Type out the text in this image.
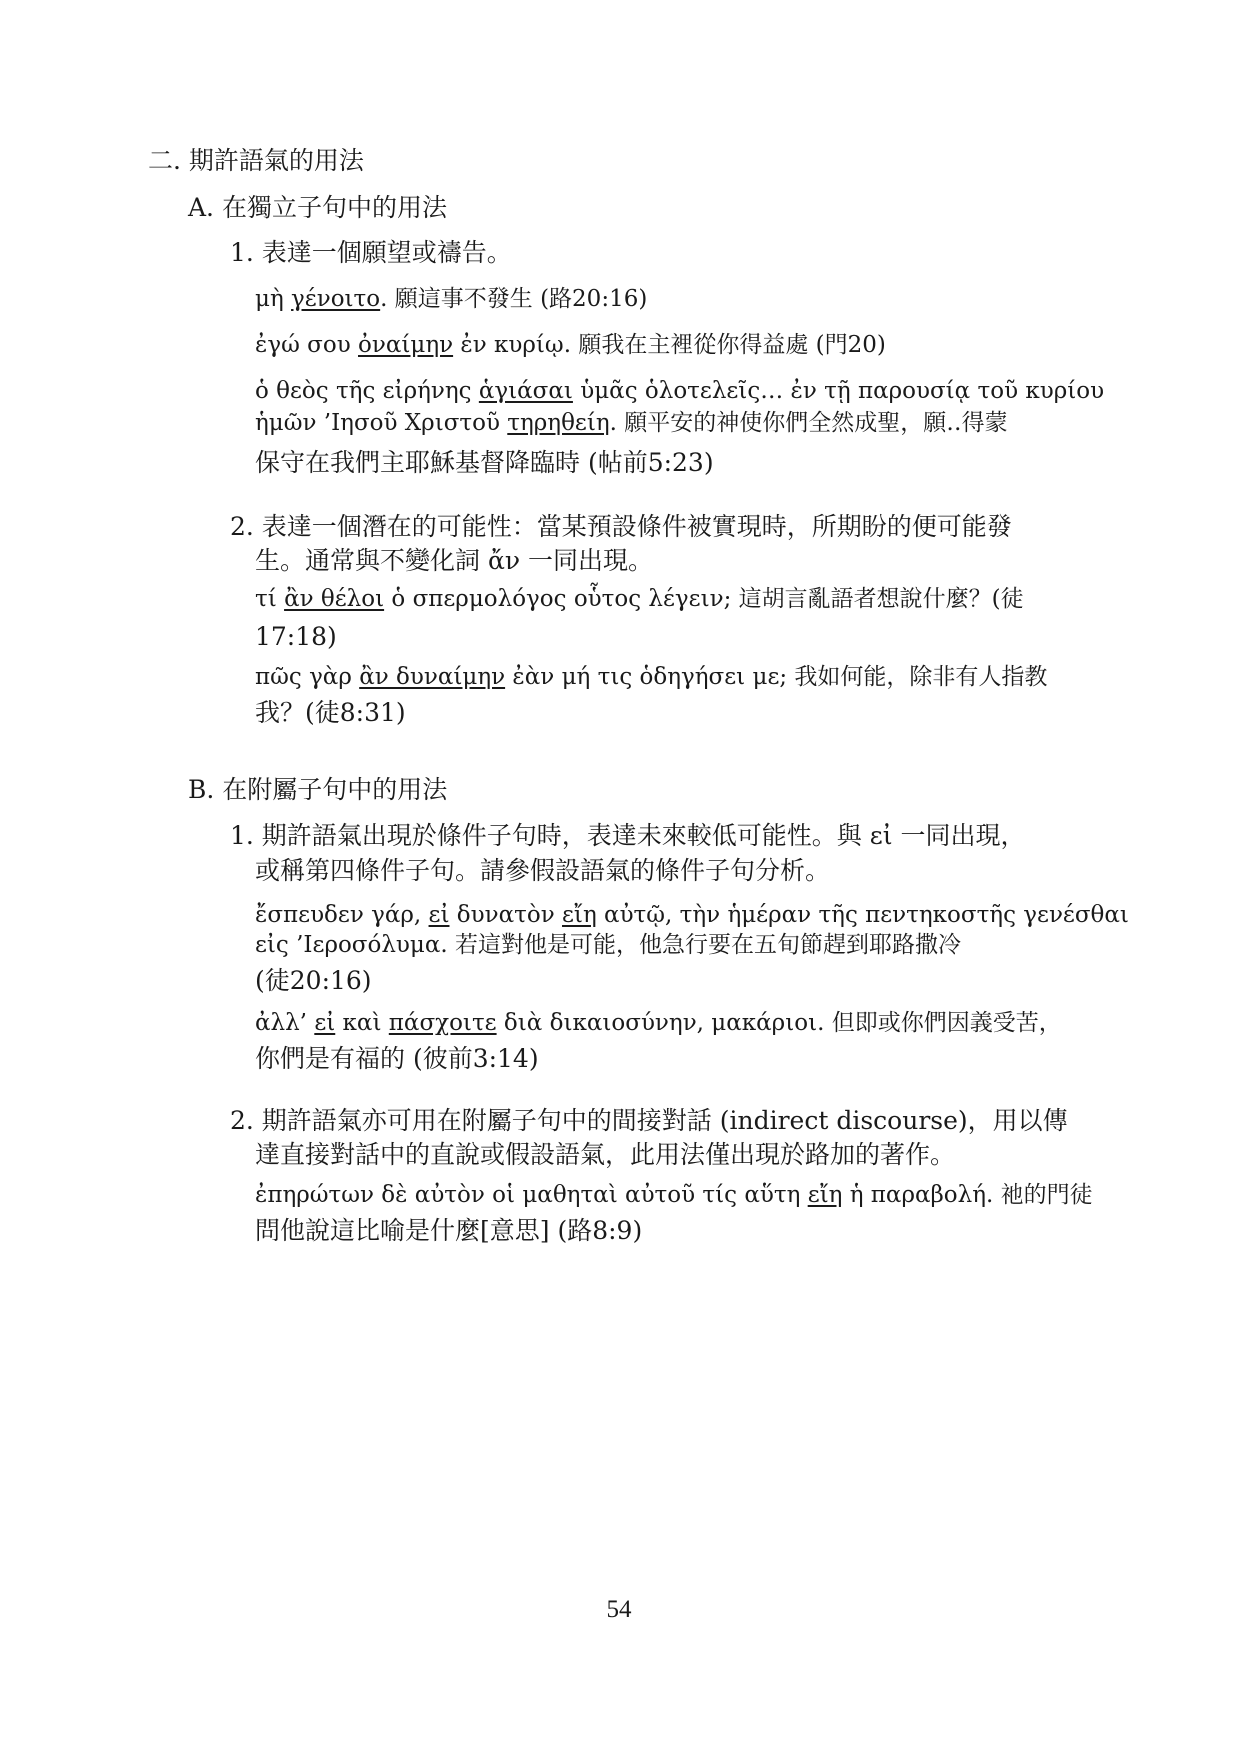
二. 期許語氣的用法
A. 在獨立子句中的用法
1. 表達一個願望或禱告。
μὴ γένοιτο. 願這事不發生 (路20:16)
ἐγώ σου ὀναίμην ἐν κυρίῳ. 願我在主裡從你得益處 (門20)
ὁ θεὸς τῆς εἰρήνης ἁγιάσαι ὑμᾶς ὁλοτελεῖς… ἐν τῇ παρουσίᾳ τοῦ κυρίου
ἡμῶν ’Iησοῦ Xριστοῦ τηρηθείη. 願平安的神使你們全然成聖，願‥得蒙
保守在我們主耶穌基督降臨時 (帖前5:23)
2. 表達一個潛在的可能性：當某預設條件被實現時，所期盼的便可能發
生。通常與不變化詞 ἄν 一同出現。
τί ἂν θέλοι ὁ σπερμολόγος οὗτος λέγειν; 這胡言亂語者想說什麼？(徒
17:18)
πῶς γὰρ ἂν δυναίμην ἐὰν μή τις ὁδηγήσει με; 我如何能，除非有人指教
我？(徒8:31)
B. 在附屬子句中的用法
1. 期許語氣出現於條件子句時，表達未來較低可能性。與 εἰ 一同出現，
或稱第四條件子句。請參假設語氣的條件子句分析。
ἔσπευδεν γάρ, εἰ δυνατὸν εἴη αὐτῷ, τὴν ἡμέραν τῆς πεντηκοστῆς γενέσθαι
εἰς ’Iεροσόλυμα. 若這對他是可能，他急行要在五旬節趕到耶路撒冷
(徒20:16)
ἀλλ’ εἰ καὶ πάσχοιτε διὰ δικαιοσύνην, μακάριοι. 但即或你們因義受苦，
你們是有福的 (彼前3:14)
2. 期許語氣亦可用在附屬子句中的間接對話 (indirect discourse)，用以傳
達直接對話中的直說或假設語氣，此用法僅出現於路加的著作。
ἐπηρώτων δὲ αὐτὸν οἱ μαθηταὶ αὐτοῦ τίς αὕτη εἴη ἡ παραβολή. 祂的門徒
問他說這比喻是什麼[意思] (路8:9)
54
